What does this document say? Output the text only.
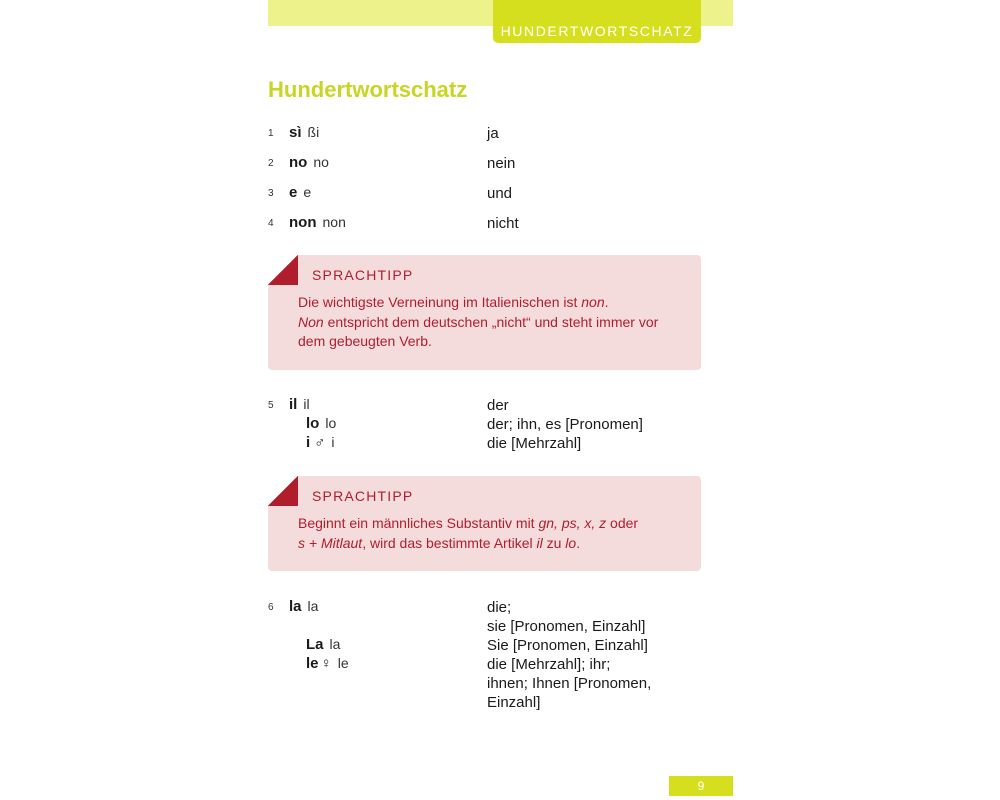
HUNDERTWORTSCHATZ
Hundertwortschatz
1 sì ßi	ja
2 no no	nein
3 e e	und
4 non non	nicht
SPRACHTIPP
Die wichtigste Verneinung im Italienischen ist non.
Non entspricht dem deutschen „nicht“ und steht immer vor dem gebeugten Verb.
5 il il	der
lo lo	der; ihn, es [Pronomen]
i ♂ i	die [Mehrzahl]
SPRACHTIPP
Beginnt ein männliches Substantiv mit gn, ps, x, z oder
s + Mitlaut, wird das bestimmte Artikel il zu lo.
6 la la	die;
sie [Pronomen, Einzahl]
La la	Sie [Pronomen, Einzahl]
le ♀ le	die [Mehrzahl]; ihr;
ihnen; Ihnen [Pronomen,
Einzahl]
9
